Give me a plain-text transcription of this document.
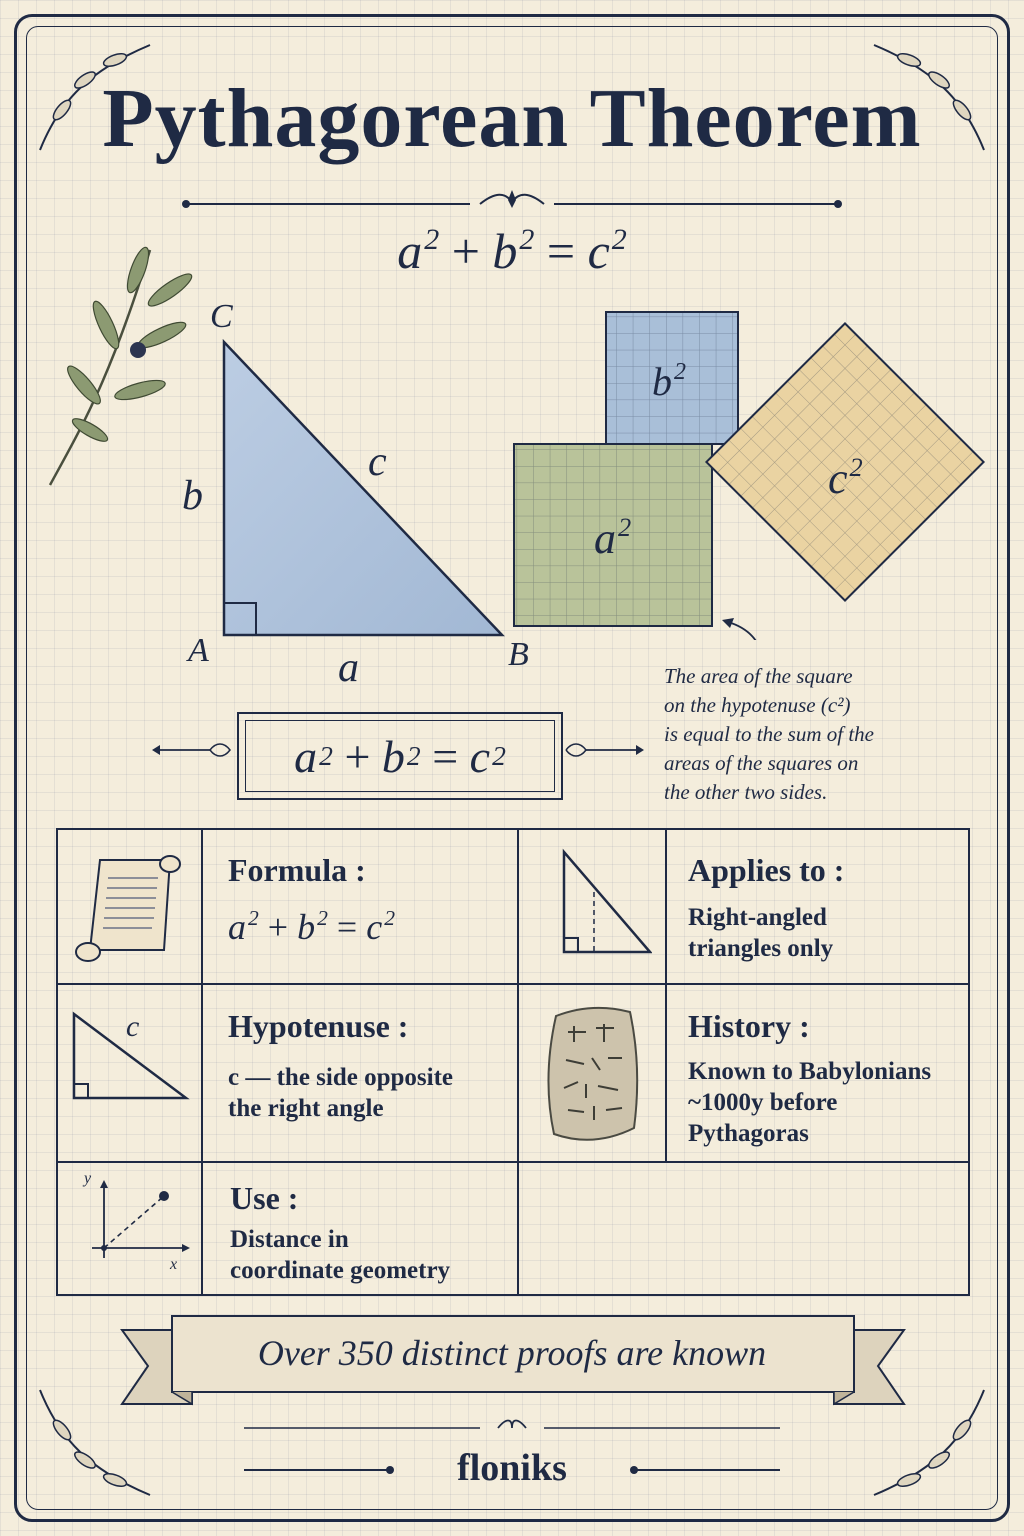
Pythagorean Theorem
$a^2 + b^2 = c^2$
C
A	B
b
c
a
$b^2$
$a^2$
$c^2$
The area of the square
on the hypotenuse (c²)
is equal to the sum of the
areas of the squares on
the other two sides.
a 2
+
b 2
=
c 2
Formula :
$a^2 + b^2 = c^2$
Applies to :
Right-angled
triangles only
c	Hypotenuse :
c — the side opposite
the right angle
History :
Known to Babylonians
~1000y before
Pythagoras
y
x
Use :
Distance in
coordinate geometry
Over 350 distinct proofs are known
floniks
